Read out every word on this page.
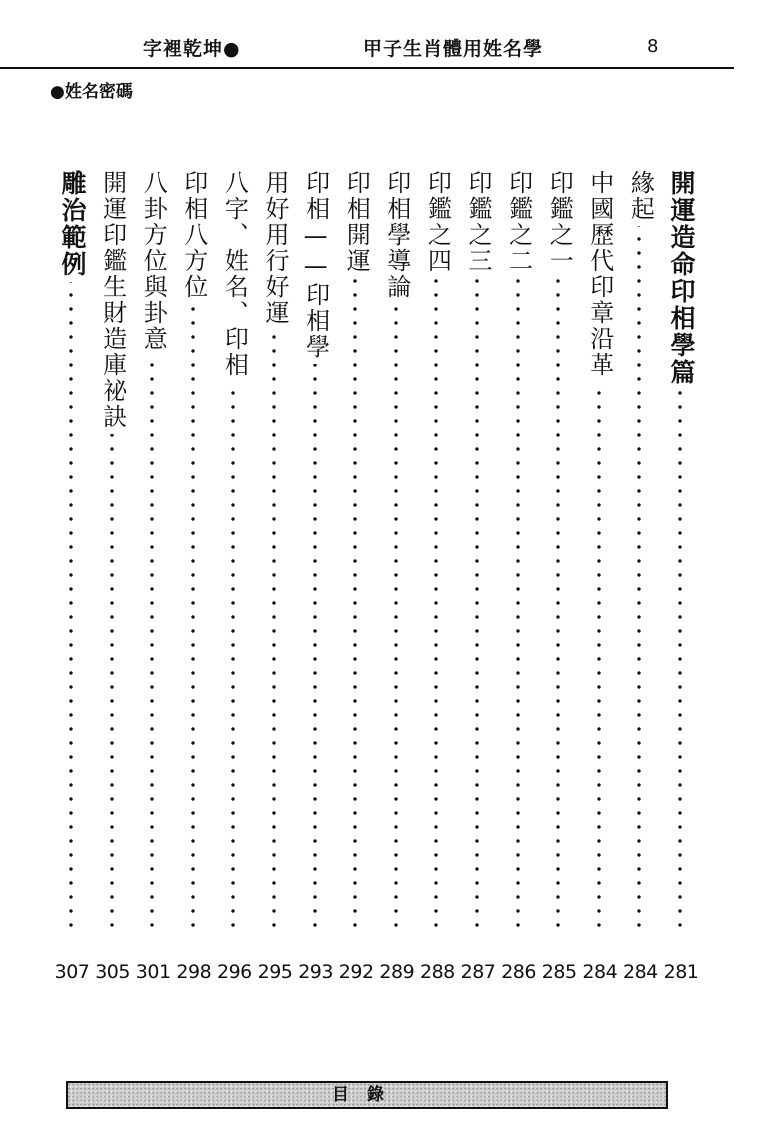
字裡乾坤●	甲子生肖體用姓名學	8
●姓名密碼
開運造命印相學篇
281
緣起
284
中國歷代印章沿革
284
印鑑之一
285
印鑑之二
286
印鑑之三
287
印鑑之四
288
印相學導論
289
印相開運
292
印相——印相學
293
用好用行好運
295
八字、姓名、印相
296
印相八方位
298
八卦方位與卦意
301
開運印鑑生財造庫祕訣
305
雕治範例
307
目錄
